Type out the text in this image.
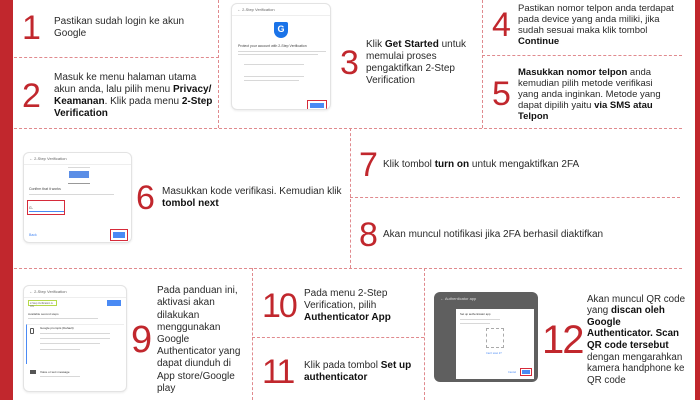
1	Pastikan sudah login ke akun Google
2	Masuk ke menu halaman utama akun anda, lalu pilih menu Privacy/ Keamanan. Klik pada menu 2-Step Verification
← 2-Step Verification
G
Protect your account with 2-Step Verification 3 Klik Get Started untuk memulai proses pengaktifkan 2-Step Verification
4 Pastikan nomor telpon anda terdapat pada device yang anda miliki, jika sudah sesuai maka klik tombol Continue
5
Masukkan nomor telpon anda kemudian pilih metode verifikasi yang anda inginkan. Metode yang dapat dipilih yaitu via SMS atau Telpon
← 2-Step Verification
Confirm that it works
G-
Back
6 Masukkan kode verifikasi. Kemudian klik tombol next
7 Klik tombol turn on untuk mengaktifkan 2FA
8 Akan muncul notifikasi jika 2FA berhasil diaktifkan
← 2-Step Verification
2-Step Verification is ON
Available second steps
Google prompts (Default)
Voice or text message
9
Pada panduan ini, aktivasi akan dilakukan menggunakan Google Authenticator yang dapat diunduh di App store/Google play
10 Pada menu 2-Step Verification, pilih Authenticator App
11	Klik pada tombol Set up authenticator
← Authenticator app
Set up authenticator app
Can't scan it?
Cancel
12
Akan muncul QR code yang discan oleh Google Authenticator. Scan QR code tersebut dengan mengarahkan kamera handphone ke QR code
